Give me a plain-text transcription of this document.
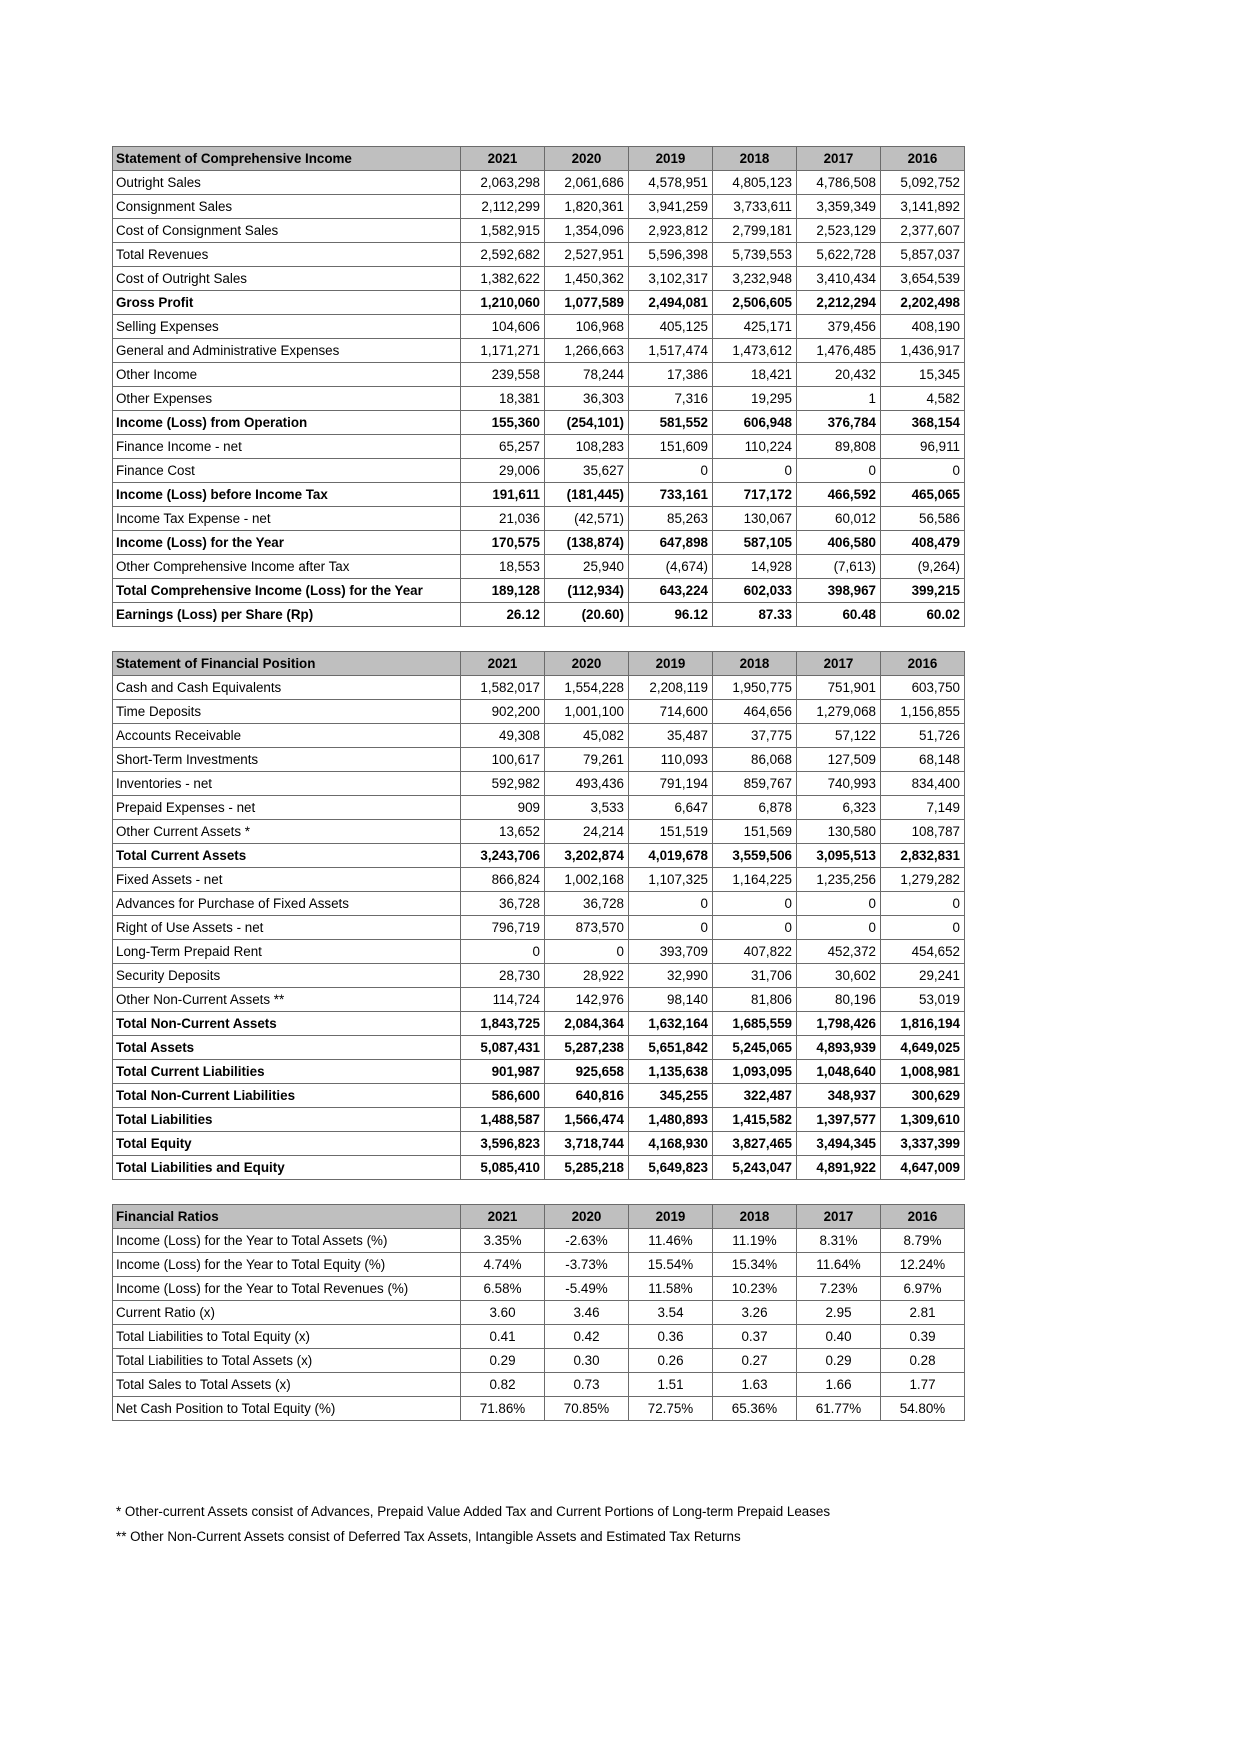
Statement of Comprehensive Income	2021	2020	2019	2018	2017	2016
Outright Sales	2,063,298	2,061,686	4,578,951	4,805,123	4,786,508	5,092,752
Consignment Sales	2,112,299	1,820,361	3,941,259	3,733,611	3,359,349	3,141,892
Cost of Consignment Sales	1,582,915	1,354,096	2,923,812	2,799,181	2,523,129	2,377,607
Total Revenues	2,592,682	2,527,951	5,596,398	5,739,553	5,622,728	5,857,037
Cost of Outright Sales	1,382,622	1,450,362	3,102,317	3,232,948	3,410,434	3,654,539
Gross Profit	1,210,060	1,077,589	2,494,081	2,506,605	2,212,294	2,202,498
Selling Expenses	104,606	106,968	405,125	425,171	379,456	408,190
General and Administrative Expenses	1,171,271	1,266,663	1,517,474	1,473,612	1,476,485	1,436,917
Other Income	239,558	78,244	17,386	18,421	20,432	15,345
Other Expenses	18,381	36,303	7,316	19,295	1	4,582
Income (Loss) from Operation	155,360	(254,101)	581,552	606,948	376,784	368,154
Finance Income - net	65,257	108,283	151,609	110,224	89,808	96,911
Finance Cost	29,006	35,627	0	0	0	0
Income (Loss) before Income Tax	191,611	(181,445)	733,161	717,172	466,592	465,065
Income Tax Expense - net	21,036	(42,571)	85,263	130,067	60,012	56,586
Income (Loss) for the Year	170,575	(138,874)	647,898	587,105	406,580	408,479
Other Comprehensive Income after Tax	18,553	25,940	(4,674)	14,928	(7,613)	(9,264)
Total Comprehensive Income (Loss) for the Year	189,128	(112,934)	643,224	602,033	398,967	399,215
Earnings (Loss) per Share (Rp)	26.12	(20.60)	96.12	87.33	60.48	60.02
Statement of Financial Position	2021	2020	2019	2018	2017	2016
Cash and Cash Equivalents	1,582,017	1,554,228	2,208,119	1,950,775	751,901	603,750
Time Deposits	902,200	1,001,100	714,600	464,656	1,279,068	1,156,855
Accounts Receivable	49,308	45,082	35,487	37,775	57,122	51,726
Short-Term Investments	100,617	79,261	110,093	86,068	127,509	68,148
Inventories - net	592,982	493,436	791,194	859,767	740,993	834,400
Prepaid Expenses - net	909	3,533	6,647	6,878	6,323	7,149
Other Current Assets *	13,652	24,214	151,519	151,569	130,580	108,787
Total Current Assets	3,243,706	3,202,874	4,019,678	3,559,506	3,095,513	2,832,831
Fixed Assets - net	866,824	1,002,168	1,107,325	1,164,225	1,235,256	1,279,282
Advances for Purchase of Fixed Assets	36,728	36,728	0	0	0	0
Right of Use Assets - net	796,719	873,570	0	0	0	0
Long-Term Prepaid Rent	0	0	393,709	407,822	452,372	454,652
Security Deposits	28,730	28,922	32,990	31,706	30,602	29,241
Other Non-Current Assets **	114,724	142,976	98,140	81,806	80,196	53,019
Total Non-Current Assets	1,843,725	2,084,364	1,632,164	1,685,559	1,798,426	1,816,194
Total Assets	5,087,431	5,287,238	5,651,842	5,245,065	4,893,939	4,649,025
Total Current Liabilities	901,987	925,658	1,135,638	1,093,095	1,048,640	1,008,981
Total Non-Current Liabilities	586,600	640,816	345,255	322,487	348,937	300,629
Total Liabilities	1,488,587	1,566,474	1,480,893	1,415,582	1,397,577	1,309,610
Total Equity	3,596,823	3,718,744	4,168,930	3,827,465	3,494,345	3,337,399
Total Liabilities and Equity	5,085,410	5,285,218	5,649,823	5,243,047	4,891,922	4,647,009
Financial Ratios	2021	2020	2019	2018	2017	2016
Income (Loss) for the Year to Total Assets (%)	3.35%	-2.63%	11.46%	11.19%	8.31%	8.79%
Income (Loss) for the Year to Total Equity (%)	4.74%	-3.73%	15.54%	15.34%	11.64%	12.24%
Income (Loss) for the Year to Total Revenues (%)	6.58%	-5.49%	11.58%	10.23%	7.23%	6.97%
Current Ratio (x)	3.60	3.46	3.54	3.26	2.95	2.81
Total Liabilities to Total Equity (x)	0.41	0.42	0.36	0.37	0.40	0.39
Total Liabilities to Total Assets (x)	0.29	0.30	0.26	0.27	0.29	0.28
Total Sales to Total Assets (x)	0.82	0.73	1.51	1.63	1.66	1.77
Net Cash Position to Total Equity (%)	71.86%	70.85%	72.75%	65.36%	61.77%	54.80%
* Other-current Assets consist of Advances, Prepaid Value Added Tax and Current Portions of Long-term Prepaid Leases
** Other Non-Current Assets consist of Deferred Tax Assets, Intangible Assets and Estimated Tax Returns
